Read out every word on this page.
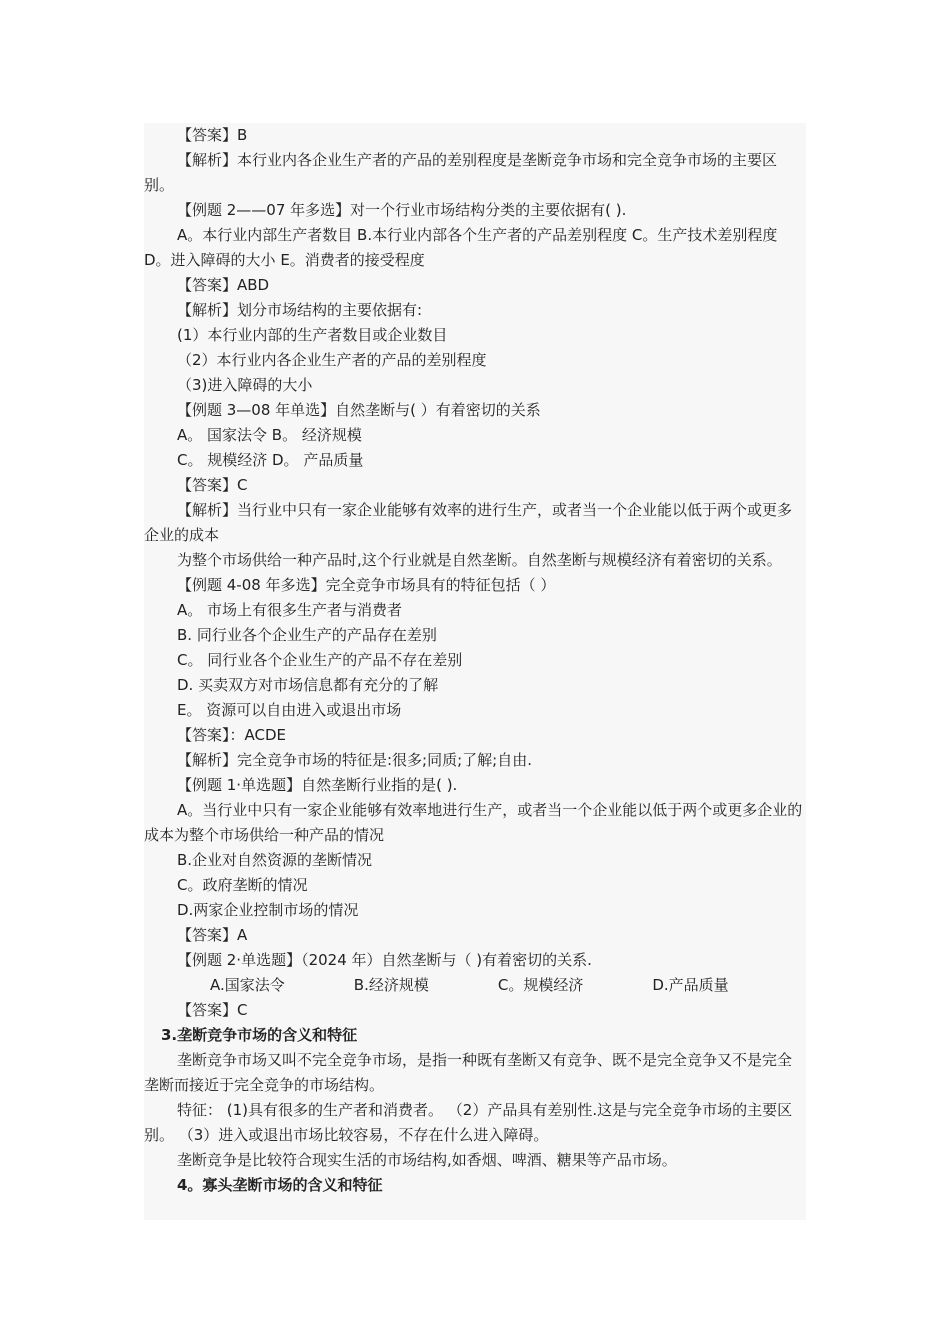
【答案】B

【解析】本行业内各企业生产者的产品的差别程度是垄断竞争市场和完全竞争市场的主要区别。

【例题 2——07 年多选】对一个行业市场结构分类的主要依据有( ).

A。本行业内部生产者数目 B.本行业内部各个生产者的产品差别程度 C。生产技术差别程度 D。进入障碍的大小 E。消费者的接受程度

【答案】ABD

【解析】划分市场结构的主要依据有:

(1）本行业内部的生产者数目或企业数目

（2）本行业内各企业生产者的产品的差别程度

（3)进入障碍的大小

【例题 3—08 年单选】自然垄断与( ）有着密切的关系

A。 国家法令 B。 经济规模

C。 规模经济 D。 产品质量

【答案】C

【解析】当行业中只有一家企业能够有效率的进行生产，或者当一个企业能以低于两个或更多企业的成本

为整个市场供给一种产品时,这个行业就是自然垄断。自然垄断与规模经济有着密切的关系。

【例题 4-08 年多选】完全竞争市场具有的特征包括（ ）

A。 市场上有很多生产者与消费者

B. 同行业各个企业生产的产品存在差别

C。 同行业各个企业生产的产品不存在差别

D. 买卖双方对市场信息都有充分的了解

E。 资源可以自由进入或退出市场

【答案】：ACDE

【解析】完全竞争市场的特征是:很多;同质;了解;自由.

【例题 1·单选题】自然垄断行业指的是( ).

A。当行业中只有一家企业能够有效率地进行生产，或者当一个企业能以低于两个或更多企业的成本为整个市场供给一种产品的情况

B.企业对自然资源的垄断情况

C。政府垄断的情况

D.两家企业控制市场的情况

【答案】A

【例题 2·单选题】（2024 年）自然垄断与（ )有着密切的关系.

A.国家法令	B.经济规模	C。规模经济	D.产品质量

【答案】C

3.垄断竞争市场的含义和特征

垄断竞争市场又叫不完全竞争市场，是指一种既有垄断又有竞争、既不是完全竞争又不是完全垄断而接近于完全竞争的市场结构。

特征： (1)具有很多的生产者和消费者。 （2）产品具有差别性.这是与完全竞争市场的主要区别。 （3）进入或退出市场比较容易，不存在什么进入障碍。

垄断竞争是比较符合现实生活的市场结构,如香烟、啤酒、糖果等产品市场。

4。寡头垄断市场的含义和特征
